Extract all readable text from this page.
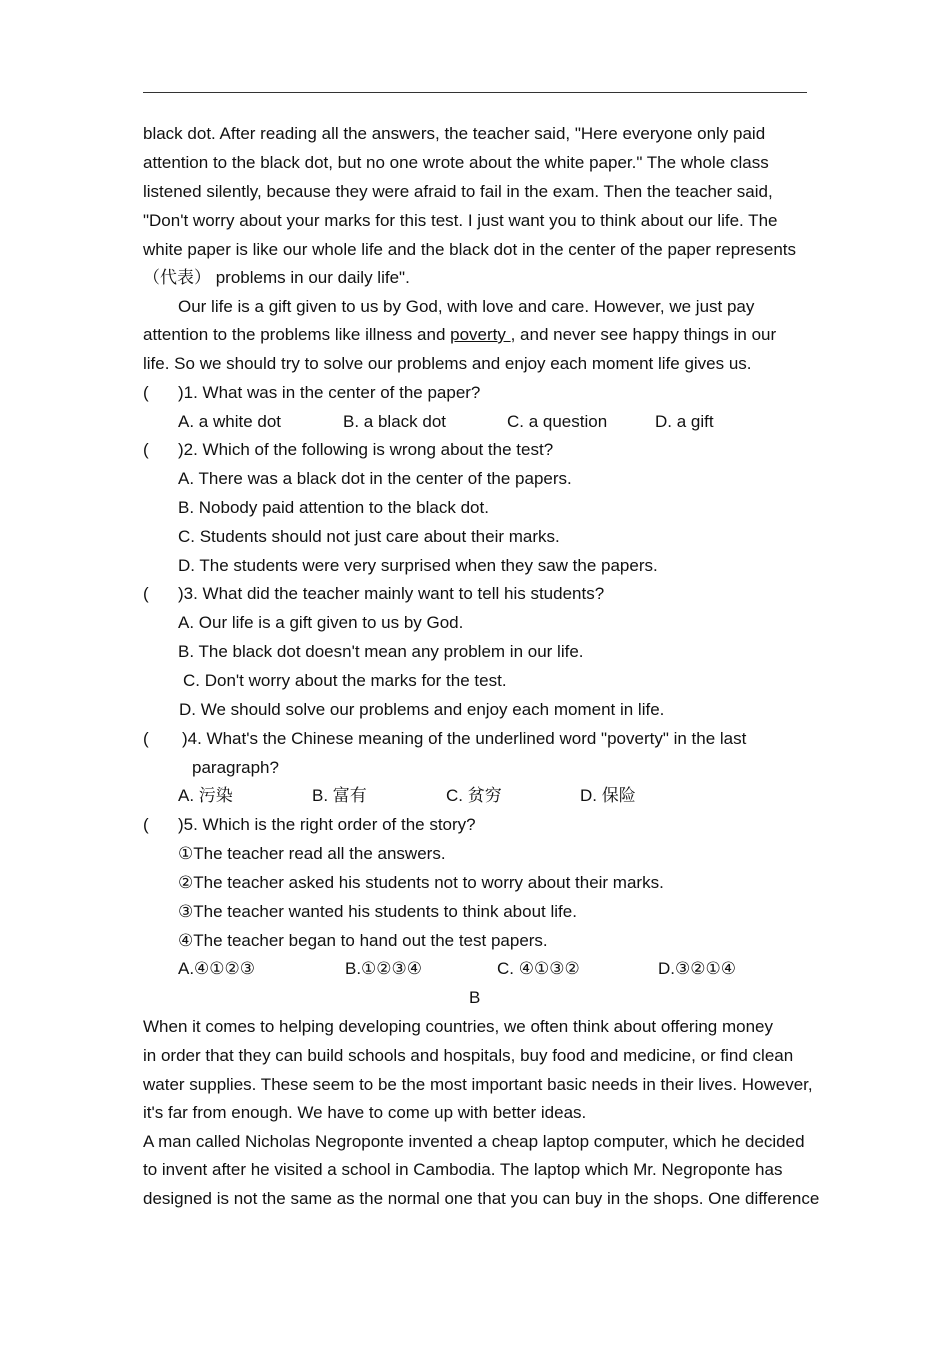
black dot. After reading all the answers, the teacher said, "Here everyone only paid
attention to the black dot, but no one wrote about the white paper." The whole class
listened silently, because they were afraid to fail in the exam. Then the teacher said,
"Don't worry about your marks for this test. I just want you to think about our life. The
white paper is like our whole life and the black dot in the center of the paper represents
（代表） problems in our daily life".
Our life is a gift given to us by God, with love and care. However, we just pay
attention to the problems like illness and poverty , and never see happy things in our
life. So we should try to solve our problems and enjoy each moment life gives us.
( )1. What was in the center of the paper?
A. a white dot	B. a black dot	C. a question	D. a gift
( )2. Which of the following is wrong about the test?
A. There was a black dot in the center of the papers.
B. Nobody paid attention to the black dot.
C. Students should not just care about their marks.
D. The students were very surprised when they saw the papers.
( )3. What did the teacher mainly want to tell his students?
A. Our life is a gift given to us by God.
B. The black dot doesn't mean any problem in our life.
C. Don't worry about the marks for the test.
D. We should solve our problems and enjoy each moment in life.
( )4. What's the Chinese meaning of the underlined word "poverty" in the last
paragraph?
A. 污染	B. 富有	C. 贫穷	D. 保险
( )5. Which is the right order of the story?
①The teacher read all the answers.
②The teacher asked his students not to worry about their marks.
③The teacher wanted his students to think about life.
④The teacher began to hand out the test papers.
A.④①②③	B.①②③④	C. ④①③②	D.③②①④
B
When it comes to helping developing countries, we often think about offering money
in order that they can build schools and hospitals, buy food and medicine, or find clean
water supplies. These seem to be the most important basic needs in their lives. However,
it's far from enough. We have to come up with better ideas.
A man called Nicholas Negroponte invented a cheap laptop computer, which he decided
to invent after he visited a school in Cambodia. The laptop which Mr. Negroponte has
designed is not the same as the normal one that you can buy in the shops. One difference
